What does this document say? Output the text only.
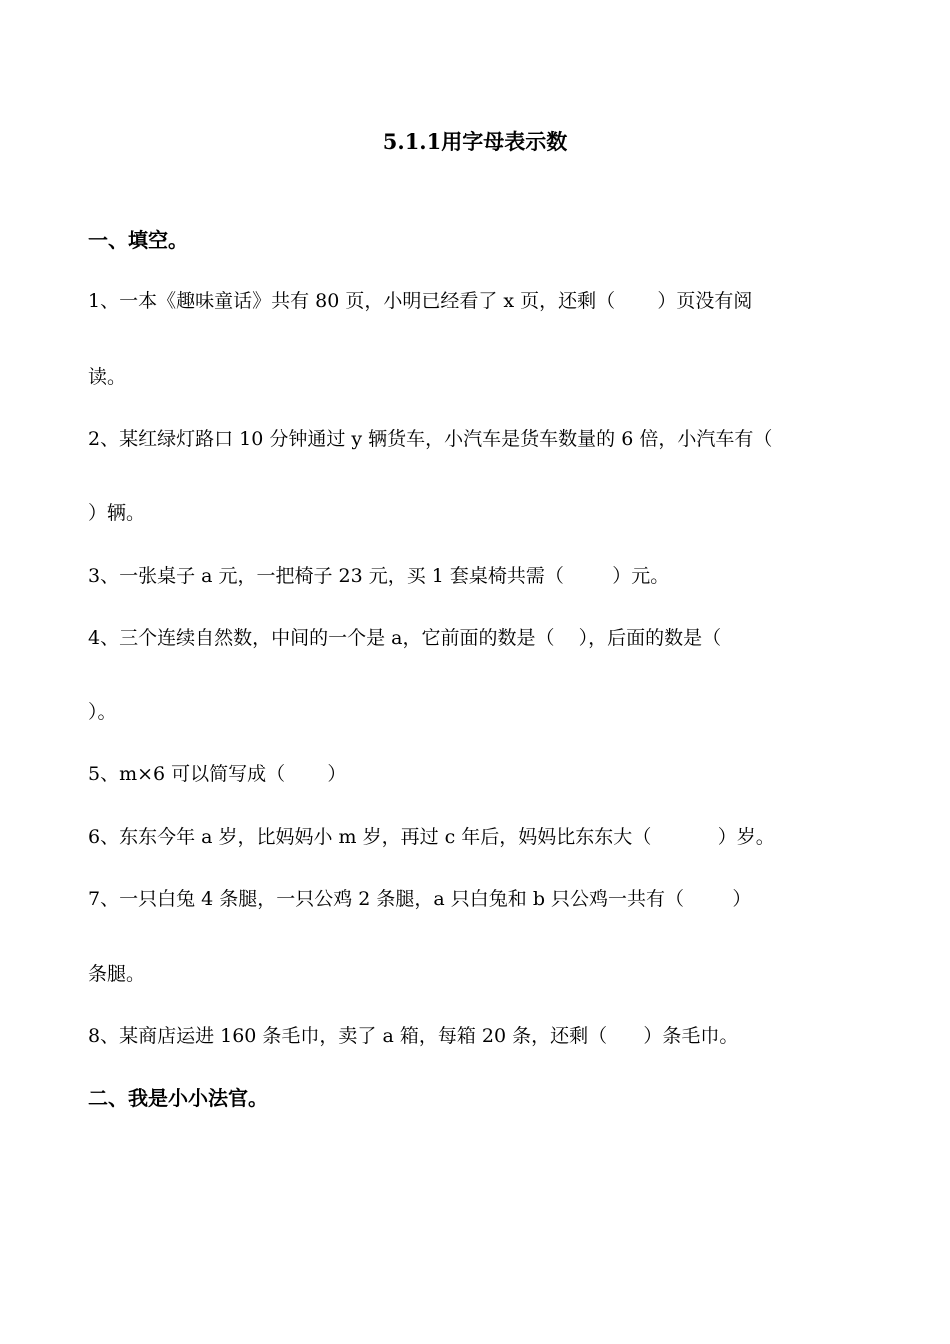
5.1.1用字母表示数
一、填空。
1、一本《趣味童话》共有 80 页，小明已经看了 x 页，还剩（       ）页没有阅
读。
2、某红绿灯路口 10 分钟通过 y 辆货车，小汽车是货车数量的 6 倍，小汽车有（
）辆。
3、一张桌子 a 元，一把椅子 23 元，买 1 套桌椅共需（        ）元。
4、三个连续自然数，中间的一个是 a，它前面的数是（    ），后面的数是（
）。
5、m×6 可以简写成（       ）
6、东东今年 a 岁，比妈妈小 m 岁，再过 c 年后，妈妈比东东大（           ）岁。
7、一只白兔 4 条腿，一只公鸡 2 条腿，a 只白兔和 b 只公鸡一共有（        ）
条腿。
8、某商店运进 160 条毛巾，卖了 a 箱，每箱 20 条，还剩（      ）条毛巾。
二、我是小小法官。
